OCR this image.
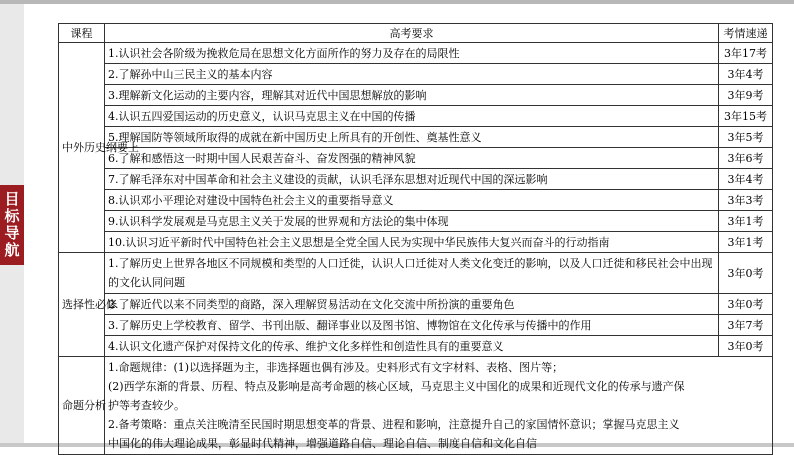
目标导航
课程	高考要求	考情速递
中外历史纲要上	1.认识社会各阶级为挽救危局在思想文化方面所作的努力及存在的局限性	3年17考
	2.了解孙中山三民主义的基本内容	3年4考
	3.理解新文化运动的主要内容，理解其对近代中国思想解放的影响	3年9考
	4.认识五四爱国运动的历史意义，认识马克思主义在中国的传播	3年15考
	5.理解国防等领域所取得的成就在新中国历史上所具有的开创性、奠基性意义	3年5考
	6.了解和感悟这一时期中国人民艰苦奋斗、奋发图强的精神风貌	3年6考
	7.了解毛泽东对中国革命和社会主义建设的贡献，认识毛泽东思想对近现代中国的深远影响	3年4考
	8.认识邓小平理论对建设中国特色社会主义的重要指导意义	3年3考
	9.认识科学发展观是马克思主义关于发展的世界观和方法论的集中体现	3年1考
	10.认识习近平新时代中国特色社会主义思想是全党全国人民为实现中华民族伟大复兴而奋斗的行动指南	3年1考
选择性必修	1.了解历史上世界各地区不同规模和类型的人口迁徙，认识人口迁徙对人类文化变迁的影响，以及人口迁徙和移民社会中出现的文化认同问题	3年0考
	2.了解近代以来不同类型的商路，深入理解贸易活动在文化交流中所扮演的重要角色	3年0考
	3.了解历史上学校教育、留学、书刊出版、翻译事业以及图书馆、博物馆在文化传承与传播中的作用	3年7考
	4.认识文化遗产保护对保持文化的传承、维护文化多样性和创造性具有的重要意义	3年0考
命题分析	1.命题规律：(1)以选择题为主，非选择题也偶有涉及。史料形式有文字材料、表格、图片等；
(2)西学东渐的背景、历程、特点及影响是高考命题的核心区域，马克思主义中国化的成果和近现代文化的传承与遗产保
护等考查较少。
2.备考策略：重点关注晚清至民国时期思想变革的背景、进程和影响，注意提升自己的家国情怀意识；掌握马克思主义
中国化的伟大理论成果，彰显时代精神，增强道路自信、理论自信、制度自信和文化自信	
